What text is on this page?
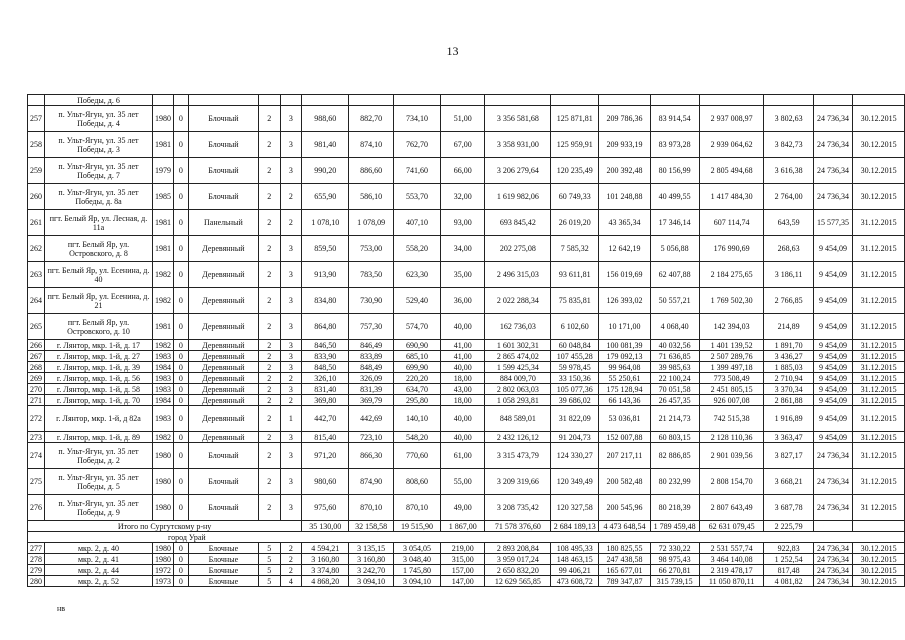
13
	Победы, д. 6																	
257	п. Ульт-Ягун, ул. 35 лет Победы, д. 4	1980	0	Блочный	2	3	988,60	882,70	734,10	51,00	3 356 581,68	125 871,81	209 786,36	83 914,54	2 937 008,97	3 802,63	24 736,34	30.12.2015
258	п. Ульт-Ягун, ул. 35 лет Победы, д. 3	1981	0	Блочный	2	3	981,40	874,10	762,70	67,00	3 358 931,00	125 959,91	209 933,19	83 973,28	2 939 064,62	3 842,73	24 736,34	30.12.2015
259	п. Ульт-Ягун, ул. 35 лет Победы, д. 7	1979	0	Блочный	2	3	990,20	886,60	741,60	66,00	3 206 279,64	120 235,49	200 392,48	80 156,99	2 805 494,68	3 616,38	24 736,34	30.12.2015
260	п. Ульт-Ягун, ул. 35 лет Победы, д. 8а	1985	0	Блочный	2	2	655,90	586,10	553,70	32,00	1 619 982,06	60 749,33	101 248,88	40 499,55	1 417 484,30	2 764,00	24 736,34	30.12.2015
261	пгт. Белый Яр, ул. Лесная, д. 11а	1981	0	Панельный	2	2	1 078,10	1 078,09	407,10	93,00	693 845,42	26 019,20	43 365,34	17 346,14	607 114,74	643,59	15 577,35	31.12.2015
262	пгт. Белый Яр, ул. Островского, д. 8	1981	0	Деревянный	2	3	859,50	753,00	558,20	34,00	202 275,08	7 585,32	12 642,19	5 056,88	176 990,69	268,63	9 454,09	31.12.2015
263	пгт. Белый Яр, ул. Есенина, д. 40	1982	0	Деревянный	2	3	913,90	783,50	623,30	35,00	2 496 315,03	93 611,81	156 019,69	62 407,88	2 184 275,65	3 186,11	9 454,09	31.12.2015
264	пгт. Белый Яр, ул. Есенина, д. 21	1982	0	Деревянный	2	3	834,80	730,90	529,40	36,00	2 022 288,34	75 835,81	126 393,02	50 557,21	1 769 502,30	2 766,85	9 454,09	31.12.2015
265	пгт. Белый Яр, ул. Островского, д. 10	1981	0	Деревянный	2	3	864,80	757,30	574,70	40,00	162 736,03	6 102,60	10 171,00	4 068,40	142 394,03	214,89	9 454,09	31.12.2015
266	г. Лянтор, мкр. 1-й, д. 17	1982	0	Деревянный	2	3	846,50	846,49	690,90	41,00	1 601 302,31	60 048,84	100 081,39	40 032,56	1 401 139,52	1 891,70	9 454,09	31.12.2015
267	г. Лянтор, мкр. 1-й, д. 27	1983	0	Деревянный	2	3	833,90	833,89	685,10	41,00	2 865 474,02	107 455,28	179 092,13	71 636,85	2 507 289,76	3 436,27	9 454,09	31.12.2015
268	г. Лянтор, мкр. 1-й, д. 39	1984	0	Деревянный	2	3	848,50	848,49	699,90	40,00	1 599 425,34	59 978,45	99 964,08	39 985,63	1 399 497,18	1 885,03	9 454,09	31.12.2015
269	г. Лянтор, мкр. 1-й, д. 56	1983	0	Деревянный	2	2	326,10	326,09	220,20	18,00	884 009,70	33 150,36	55 250,61	22 100,24	773 508,49	2 710,94	9 454,09	31.12.2015
270	г. Лянтор, мкр. 1-й, д. 58	1983	0	Деревянный	2	3	831,40	831,39	634,70	43,00	2 802 063,03	105 077,36	175 128,94	70 051,58	2 451 805,15	3 370,34	9 454,09	31.12.2015
271	г. Лянтор, мкр. 1-й, д. 70	1984	0	Деревянный	2	2	369,80	369,79	295,80	18,00	1 058 293,81	39 686,02	66 143,36	26 457,35	926 007,08	2 861,88	9 454,09	31.12.2015
272	г. Лянтор, мкр. 1-й, д 82а	1983	0	Деревянный	2	1	442,70	442,69	140,10	40,00	848 589,01	31 822,09	53 036,81	21 214,73	742 515,38	1 916,89	9 454,09	31.12.2015
273	г. Лянтор, мкр. 1-й, д. 89	1982	0	Деревянный	2	3	815,40	723,10	548,20	40,00	2 432 126,12	91 204,73	152 007,88	60 803,15	2 128 110,36	3 363,47	9 454,09	31.12.2015
274	п. Ульт-Ягун, ул. 35 лет Победы, д. 2	1980	0	Блочный	2	3	971,20	866,30	770,60	61,00	3 315 473,79	124 330,27	207 217,11	82 886,85	2 901 039,56	3 827,17	24 736,34	31.12.2015
275	п. Ульт-Ягун, ул. 35 лет Победы, д. 5	1980	0	Блочный	2	3	980,60	874,90	808,60	55,00	3 209 319,66	120 349,49	200 582,48	80 232,99	2 808 154,70	3 668,21	24 736,34	31.12.2015
276	п. Ульт-Ягун, ул. 35 лет Победы, д. 9	1980	0	Блочный	2	3	975,60	870,10	870,10	49,00	3 208 735,42	120 327,58	200 545,96	80 218,39	2 807 643,49	3 687,78	24 736,34	31 12.2015
Итого по Сургутскому р-ну							35 130,00	32 158,58	19 515,90	1 867,00	71 578 376,60	2 684 189,13	4 473 648,54	1 789 459,48	62 631 079,45	2 225,79		
город Урай																		
277	мкр. 2, д. 40	1980	0	Блочные	5	2	4 594,21	3 135,15	3 054,05	219,00	2 893 208,84	108 495,33	180 825,55	72 330,22	2 531 557,74	922,83	24 736,34	30.12.2015
278	мкр. 2, д. 41	1980	0	Блочные	5	2	3 160,80	3 160,80	3 048,40	315,00	3 959 017,24	148 463,15	247 438,58	98 975,43	3 464 140,08	1 252,54	24 736,34	30.12.2015
279	мкр. 2, д. 44	1972	0	Блочные	5	2	3 374,80	3 242,70	1 745,80	157,00	2 650 832,20	99 406,21	165 677,01	66 270,81	2 319 478,17	817,48	24 736,34	30.12.2015
280	мкр. 2, д. 52	1973	0	Блочные	5	4	4 868,20	3 094,10	3 094,10	147,00	12 629 565,85	473 608,72	789 347,87	315 739,15	11 050 870,11	4 081,82	24 736,34	30.12.2015
нв
